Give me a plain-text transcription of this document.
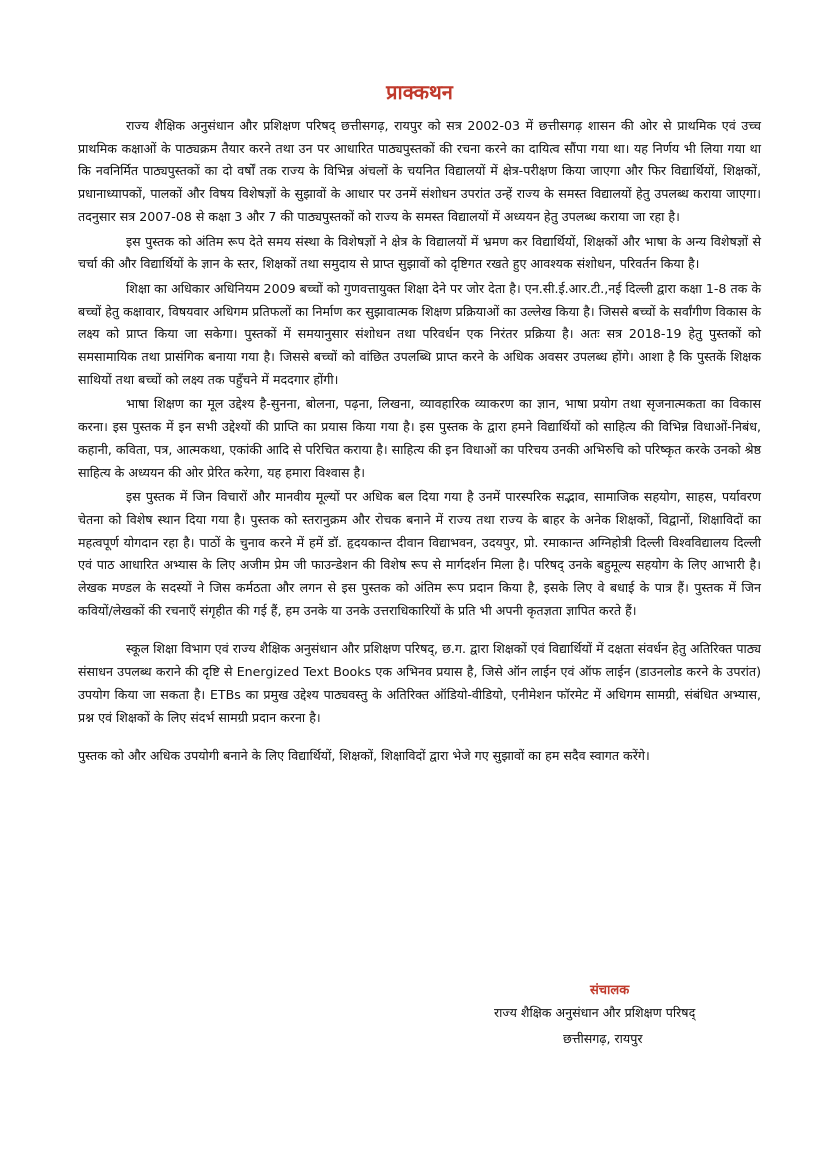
प्राक्कथन

राज्य शैक्षिक अनुसंधान और प्रशिक्षण परिषद् छत्तीसगढ़, रायपुर को सत्र 2002-03 में छत्तीसगढ़ शासन की ओर से प्राथमिक एवं उच्च प्राथमिक कक्षाओं के पाठ्यक्रम तैयार करने तथा उन पर आधारित पाठ्यपुस्तकों की रचना करने का दायित्व सौंपा गया था। यह निर्णय भी लिया गया था कि नवनिर्मित पाठ्यपुस्तकों का दो वर्षों तक राज्य के विभिन्न अंचलों के चयनित विद्यालयों में क्षेत्र-परीक्षण किया जाएगा और फिर विद्यार्थियों, शिक्षकों, प्रधानाध्यापकों, पालकों और विषय विशेषज्ञों के सुझावों के आधार पर उनमें संशोधन उपरांत उन्हें राज्य के समस्त विद्यालयों हेतु उपलब्ध कराया जाएगा। तदनुसार सत्र 2007-08 से कक्षा 3 और 7 की पाठ्यपुस्तकों को राज्य के समस्त विद्यालयों में अध्ययन हेतु उपलब्ध कराया जा रहा है।

इस पुस्तक को अंतिम रूप देते समय संस्था के विशेषज्ञों ने क्षेत्र के विद्यालयों में भ्रमण कर विद्यार्थियों, शिक्षकों और भाषा के अन्य विशेषज्ञों से चर्चा की और विद्यार्थियों के ज्ञान के स्तर, शिक्षकों तथा समुदाय से प्राप्त सुझावों को दृष्टिगत रखते हुए आवश्यक संशोधन, परिवर्तन किया है।

शिक्षा का अधिकार अधिनियम 2009 बच्चों को गुणवत्तायुक्त शिक्षा देने पर जोर देता है। एन.सी.ई.आर.टी.,नई दिल्ली द्वारा कक्षा 1-8 तक के बच्चों हेतु कक्षावार, विषयवार अधिगम प्रतिफलों का निर्माण कर सुझावात्मक शिक्षण प्रक्रियाओं का उल्लेख किया है। जिससे बच्चों के सर्वांगीण विकास के लक्ष्य को प्राप्त किया जा सकेगा। पुस्तकों में समयानुसार संशोधन तथा परिवर्धन एक निरंतर प्रक्रिया है। अतः सत्र 2018-19 हेतु पुस्तकों को समसामायिक तथा प्रासंगिक बनाया गया है। जिससे बच्चों को वांछित उपलब्धि प्राप्त करने के अधिक अवसर उपलब्ध होंगे। आशा है कि पुस्तकें शिक्षक साथियों तथा बच्चों को लक्ष्य तक पहुँचने में मददगार होंगी।

भाषा शिक्षण का मूल उद्देश्य है-सुनना, बोलना, पढ़ना, लिखना, व्यावहारिक व्याकरण का ज्ञान, भाषा प्रयोग तथा सृजनात्मकता का विकास करना। इस पुस्तक में इन सभी उद्देश्यों की प्राप्ति का प्रयास किया गया है। इस पुस्तक के द्वारा हमने विद्यार्थियों को साहित्य की विभिन्न विधाओं-निबंध, कहानी, कविता, पत्र, आत्मकथा, एकांकी आदि से परिचित कराया है। साहित्य की इन विधाओं का परिचय उनकी अभिरुचि को परिष्कृत करके उनको श्रेष्ठ साहित्य के अध्ययन की ओर प्रेरित करेगा, यह हमारा विश्वास है।

इस पुस्तक में जिन विचारों और मानवीय मूल्यों पर अधिक बल दिया गया है उनमें पारस्परिक सद्भाव, सामाजिक सहयोग, साहस, पर्यावरण चेतना को विशेष स्थान दिया गया है। पुस्तक को स्तरानुक्रम और रोचक बनाने में राज्य तथा राज्य के बाहर के अनेक शिक्षकों, विद्वानों, शिक्षाविदों का महत्वपूर्ण योगदान रहा है। पाठों के चुनाव करने में हमें डॉ. हृदयकान्त दीवान विद्याभवन, उदयपुर, प्रो. रमाकान्त अग्निहोत्री दिल्ली विश्वविद्यालय दिल्ली एवं पाठ आधारित अभ्यास के लिए अजीम प्रेम जी फाउन्डेशन की विशेष रूप से मार्गदर्शन मिला है। परिषद् उनके बहुमूल्य सहयोग के लिए आभारी है। लेखक मण्डल के सदस्यों ने जिस कर्मठता और लगन से इस पुस्तक को अंतिम रूप प्रदान किया है, इसके लिए वे बधाई के पात्र हैं। पुस्तक में जिन कवियों/लेखकों की रचनाएँ संगृहीत की गई हैं, हम उनके या उनके उत्तराधिकारियों के प्रति भी अपनी कृतज्ञता ज्ञापित करते हैं।

स्कूल शिक्षा विभाग एवं राज्य शैक्षिक अनुसंधान और प्रशिक्षण परिषद्, छ.ग. द्वारा शिक्षकों एवं विद्यार्थियों में दक्षता संवर्धन हेतु अतिरिक्त पाठ्य संसाधन उपलब्ध कराने की दृष्टि से Energized Text Books एक अभिनव प्रयास है, जिसे ऑन लाईन एवं ऑफ लाईन (डाउनलोड करने के उपरांत) उपयोग किया जा सकता है। ETBs का प्रमुख उद्देश्य पाठ्यवस्तु के अतिरिक्त ऑडियो-वीडियो, एनीमेशन फॉरमेट में अधिगम सामग्री, संबंधित अभ्यास, प्रश्न एवं शिक्षकों के लिए संदर्भ सामग्री प्रदान करना है।

पुस्तक को और अधिक उपयोगी बनाने के लिए विद्यार्थियों, शिक्षकों, शिक्षाविदों द्वारा भेजे गए सुझावों का हम सदैव स्वागत करेंगे।

संचालक
राज्य शैक्षिक अनुसंधान और प्रशिक्षण परिषद्
छत्तीसगढ़, रायपुर
